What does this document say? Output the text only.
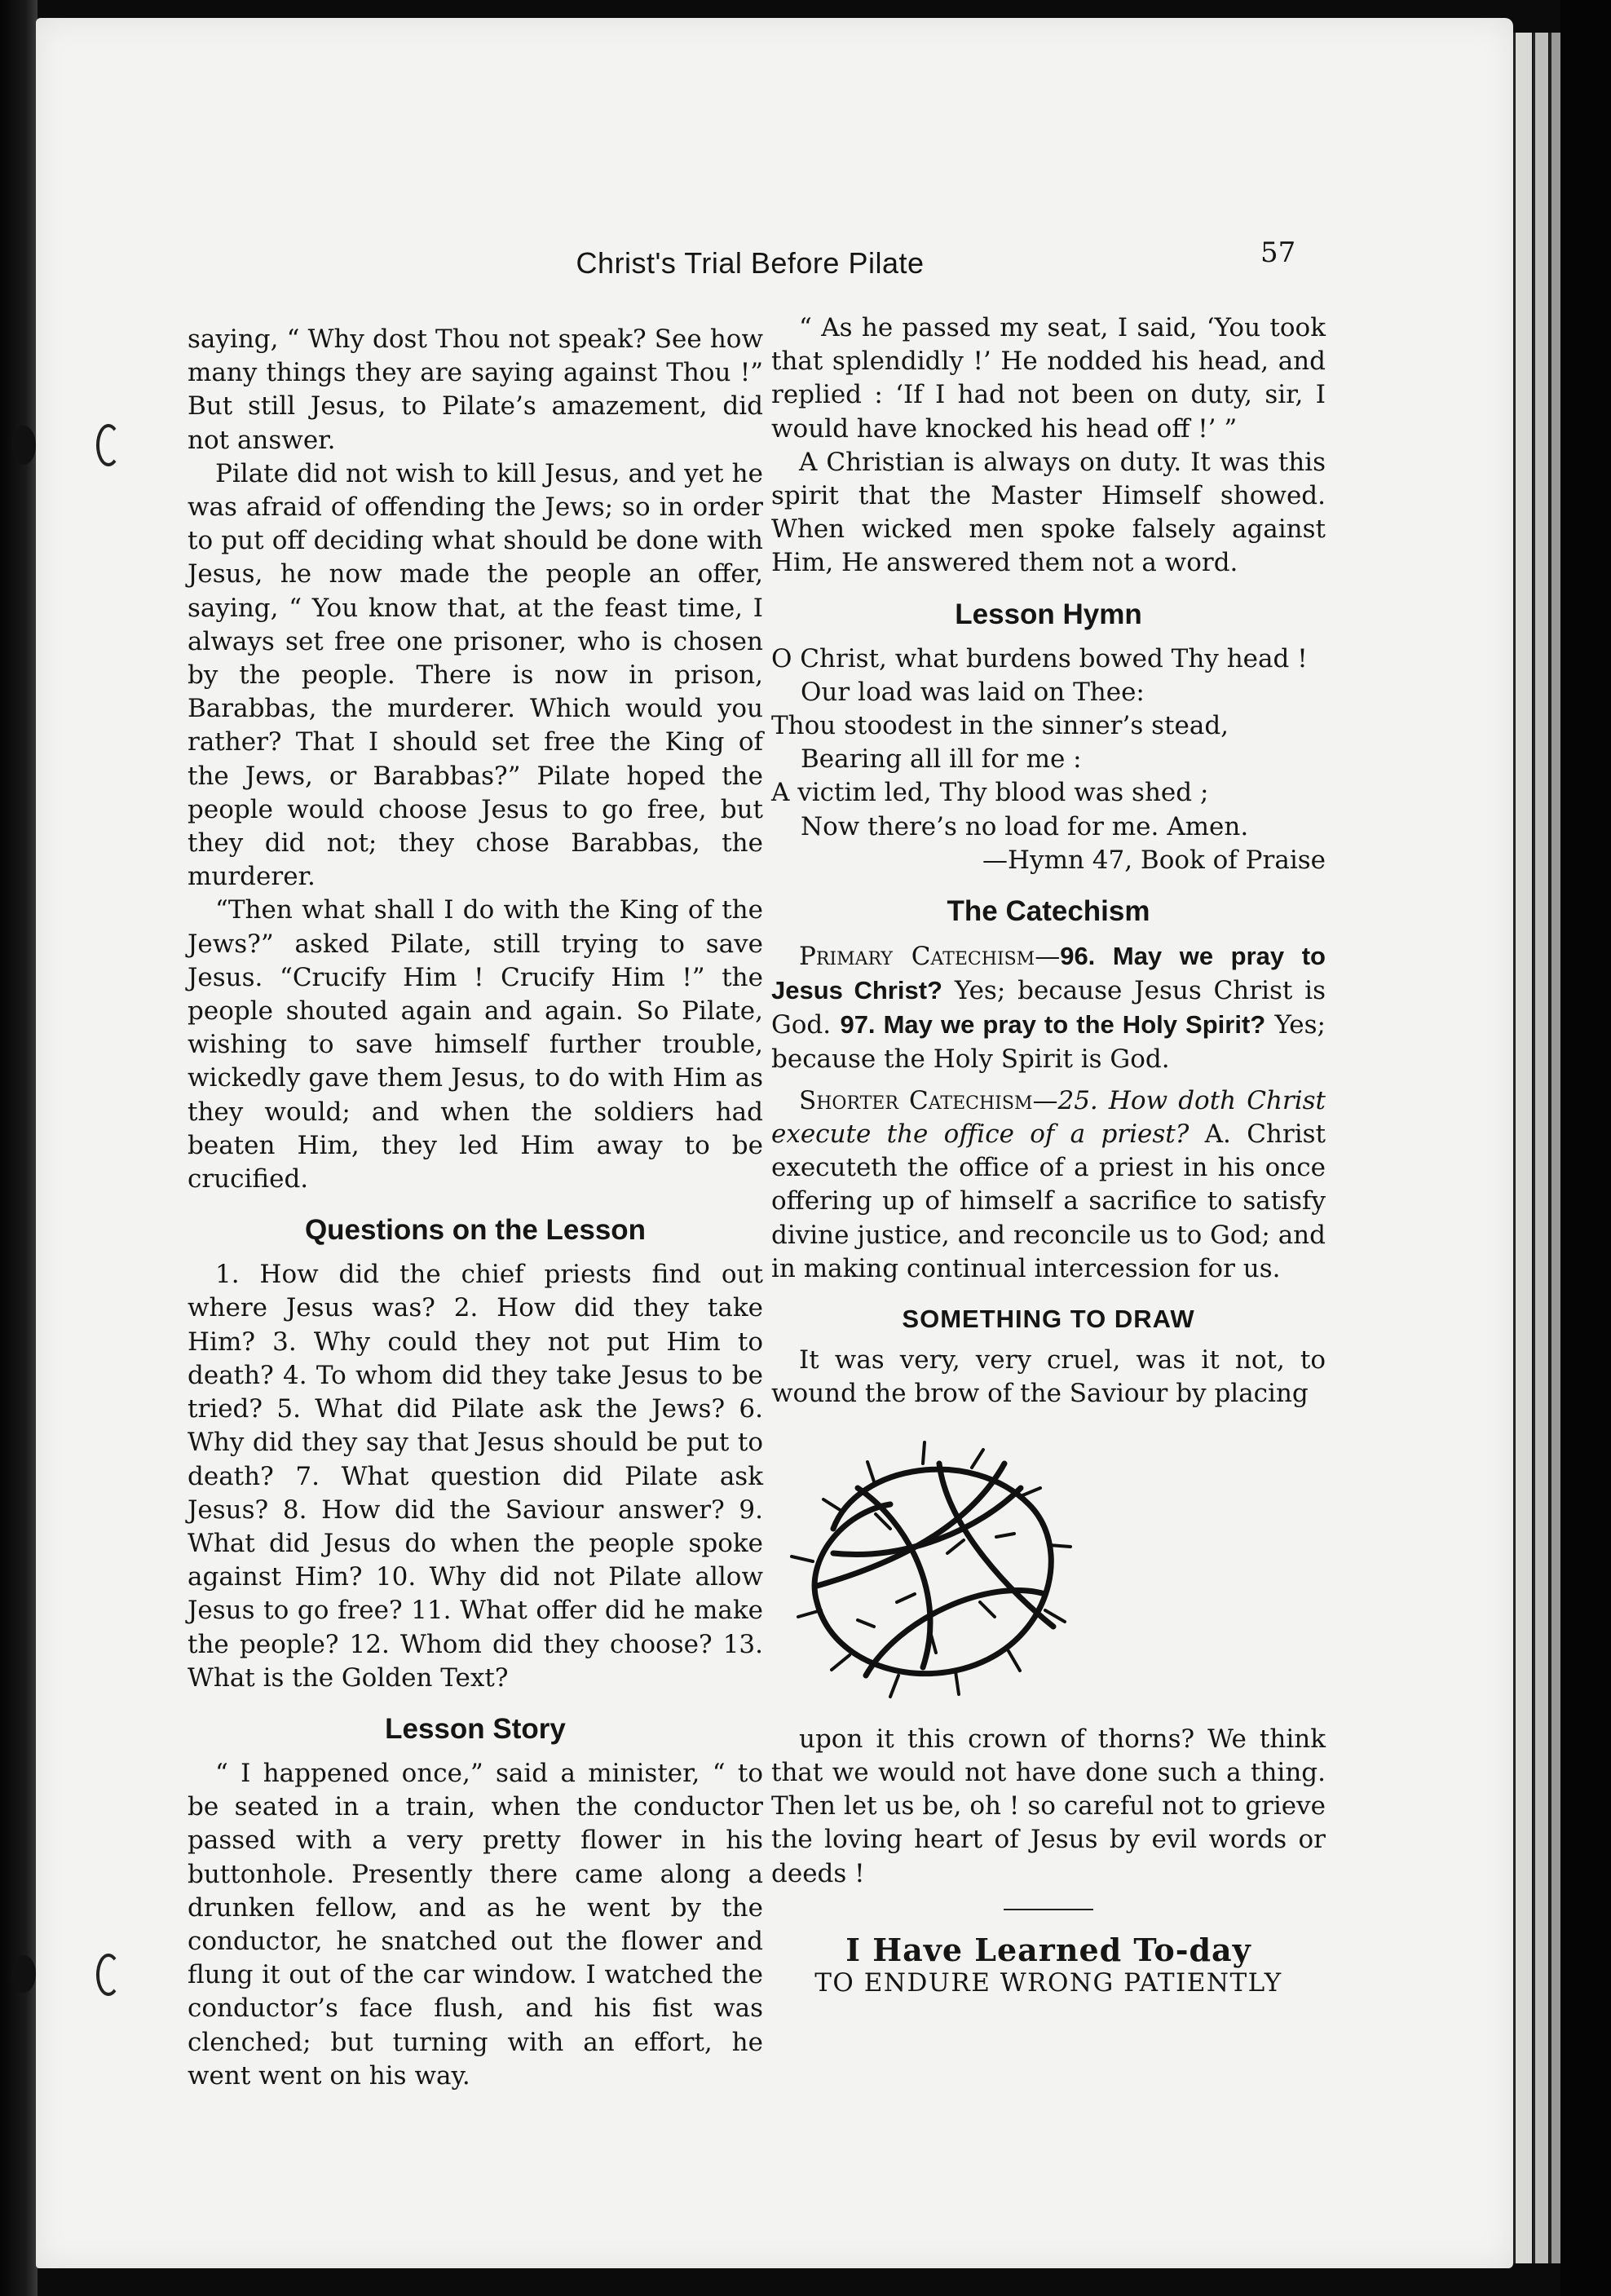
Christ's Trial Before Pilate	57

saying, “ Why dost Thou not speak? See how many things they are saying against Thou !” But still Jesus, to Pilate’s amazement, did not answer.

Pilate did not wish to kill Jesus, and yet he was afraid of offending the Jews; so in order to put off deciding what should be done with Jesus, he now made the people an offer, saying, “ You know that, at the feast time, I always set free one prisoner, who is chosen by the people. There is now in prison, Barabbas, the murderer. Which would you rather? That I should set free the King of the Jews, or Barabbas?” Pilate hoped the people would choose Jesus to go free, but they did not; they chose Barabbas, the murderer.

“Then what shall I do with the King of the Jews?” asked Pilate, still trying to save Jesus. “Crucify Him ! Crucify Him !” the people shouted again and again. So Pilate, wishing to save himself further trouble, wickedly gave them Jesus, to do with Him as they would; and when the soldiers had beaten Him, they led Him away to be crucified.

Questions on the Lesson

1. How did the chief priests find out where Jesus was? 2. How did they take Him? 3. Why could they not put Him to death? 4. To whom did they take Jesus to be tried? 5. What did Pilate ask the Jews? 6. Why did they say that Jesus should be put to death? 7. What question did Pilate ask Jesus? 8. How did the Saviour answer? 9. What did Jesus do when the people spoke against Him? 10. Why did not Pilate allow Jesus to go free? 11. What offer did he make the people? 12. Whom did they choose? 13. What is the Golden Text?

Lesson Story

“ I happened once,” said a minister, “ to be seated in a train, when the conductor passed with a very pretty flower in his buttonhole. Presently there came along a drunken fellow, and as he went by the conductor, he snatched out the flower and flung it out of the car window. I watched the conductor’s face flush, and his fist was clenched; but turning with an effort, he went went on his way.

“ As he passed my seat, I said, ‘You took that splendidly !’ He nodded his head, and replied : ‘If I had not been on duty, sir, I would have knocked his head off !’ ”

A Christian is always on duty. It was this spirit that the Master Himself showed. When wicked men spoke falsely against Him, He answered them not a word.

Lesson Hymn
O Christ, what burdens bowed Thy head !
Our load was laid on Thee:
Thou stoodest in the sinner’s stead,
Bearing all ill for me :
A victim led, Thy blood was shed ;
Now there’s no load for me. Amen.
—Hymn 47, Book of Praise
The Catechism

Primary Catechism—96. May we pray to Jesus Christ? Yes; because Jesus Christ is God. 97. May we pray to the Holy Spirit? Yes; because the Holy Spirit is God.

Shorter Catechism—25. How doth Christ execute the office of a priest? A. Christ executeth the office of a priest in his once offering up of himself a sacrifice to satisfy divine justice, and reconcile us to God; and in making continual intercession for us.

SOMETHING TO DRAW

It was very, very cruel, was it not, to wound the brow of the Saviour by placing

upon it this crown of thorns? We think that we would not have done such a thing. Then let us be, oh ! so careful not to grieve the loving heart of Jesus by evil words or deeds !

I Have Learned To-day

TO ENDURE WRONG PATIENTLY
